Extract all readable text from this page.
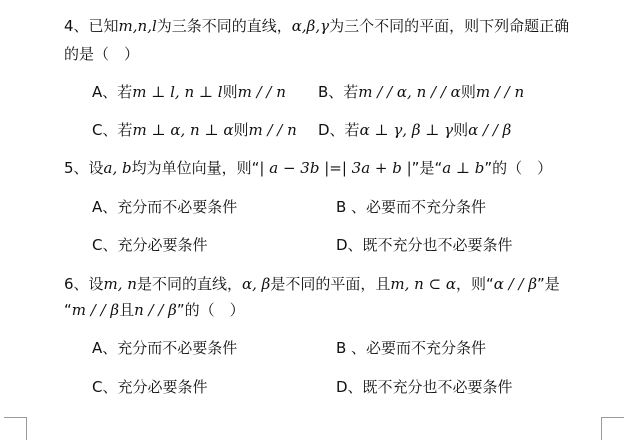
4、已知m,n,l为三条不同的直线，α,β,γ为三个不同的平面，则下列命题正确
的是（　）
A、若m ⊥ l, n ⊥ l则m / / n B、若m / / α, n / / α则m / / n
C、若m ⊥ α, n ⊥ α则m / / n D、若α ⊥ γ, β ⊥ γ则α / / β
5、设a, b均为单位向量，则“| a − 3b |=| 3a + b |”是“a ⊥ b”的（　）
A、充分而不必要条件	B 、必要而不充分条件
C、充分必要条件	D、既不充分也不必要条件
6、设m, n是不同的直线，α, β是不同的平面，且m, n ⊂ α，则“α / / β”是
“m / / β且n / / β”的（　）
A、充分而不必要条件	B 、必要而不充分条件
C、充分必要条件	D、既不充分也不必要条件
